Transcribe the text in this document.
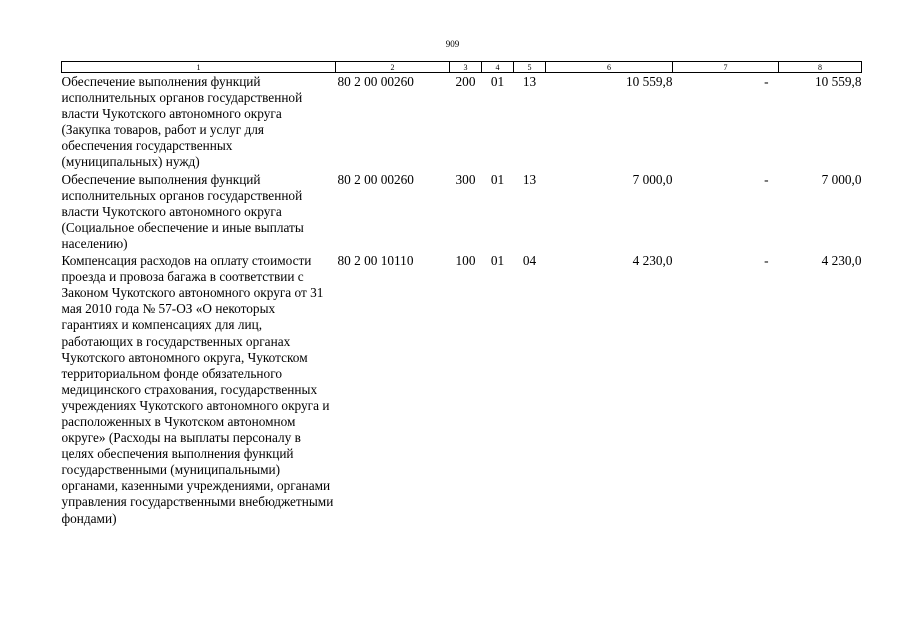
909
1	2	3	4	5	6	7	8
Обеспечение выполнения функций исполнительных органов государственной власти Чукотского автономного округа (Закупка товаров, работ и услуг для обеспечения государственных (муниципальных) нужд)	80 2 00 00260	200	01	13	10 559,8	-	10 559,8
Обеспечение выполнения функций исполнительных органов государственной власти Чукотского автономного округа (Социальное обеспечение и иные выплаты населению)	80 2 00 00260	300	01	13	7 000,0	-	7 000,0
Компенсация расходов на оплату стоимости проезда и провоза багажа в соответствии с Законом Чукотского автономного округа от 31 мая 2010 года № 57-ОЗ «О некоторых гарантиях и компенсациях для лиц, работающих в государственных органах Чукотского автономного округа, Чукотском территориальном фонде обязательного медицинского страхования, государственных учреждениях Чукотского автономного округа и расположенных в Чукотском автономном округе» (Расходы на выплаты персоналу в целях обеспечения выполнения функций государственными (муниципальными) органами, казенными учреждениями, органами управления государственными внебюджетными фондами)	80 2 00 10110	100	01	04	4 230,0	-	4 230,0
